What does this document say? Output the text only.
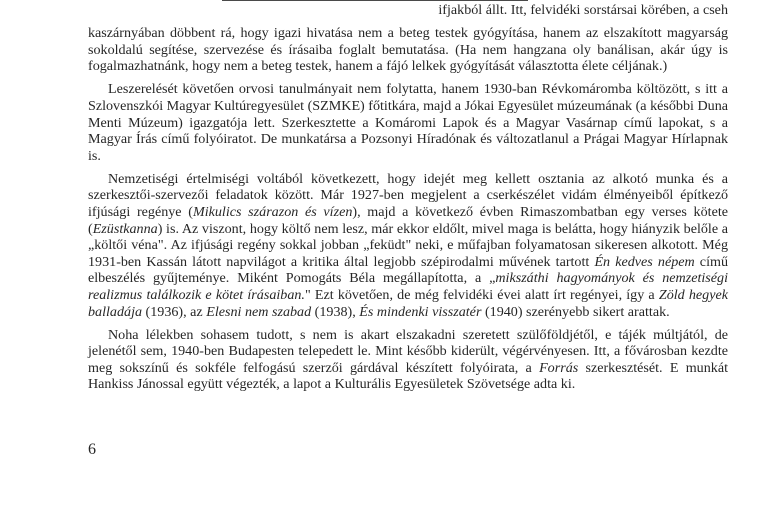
ifjakból állt. Itt, felvidéki sorstársai körében, a cseh

kaszárnyában döbbent rá, hogy igazi hivatása nem a beteg testek gyógyítása, hanem az elszakított magyarság sokoldalú segítése, szervezése és írásaiba foglalt bemutatása. (Ha nem hangzana oly banálisan, akár úgy is fogalmazhatnánk, hogy nem a beteg testek, hanem a fájó lelkek gyógyítását választotta élete céljának.)

Leszerelését követően orvosi tanulmányait nem folytatta, hanem 1930-ban Révkomáromba költözött, s itt a Szlovenszkói Magyar Kultúregyesület (SZMKE) főtitkára, majd a Jókai Egyesület múzeumának (a későbbi Duna Menti Múzeum) igazgatója lett. Szerkesztette a Komáromi Lapok és a Magyar Vasárnap című lapokat, s a Magyar Írás című folyóiratot. De munkatársa a Pozsonyi Híradónak és változatlanul a Prágai Magyar Hírlapnak is.

Nemzetiségi értelmiségi voltából következett, hogy idejét meg kellett osztania az alkotó munka és a szerkesztői-szervezői feladatok között. Már 1927-ben megjelent a cserkészélet vidám élményeiből építkező ifjúsági regénye (Mikulics szárazon és vízen), majd a következő évben Rimaszombatban egy verses kötete (Ezüstkanna) is. Az viszont, hogy költő nem lesz, már ekkor eldőlt, mivel maga is belátta, hogy hiányzik belőle a „költői véna". Az ifjúsági regény sokkal jobban „feküdt" neki, e műfajban folyamatosan sikeresen alkotott. Még 1931-ben Kassán látott napvilágot a kritika által legjobb szépirodalmi művének tartott Én kedves népem című elbeszélés gyűjteménye. Miként Pomogáts Béla megállapította, a „mikszáthi hagyományok és nemzetiségi realizmus találkozik e kötet írásaiban." Ezt követően, de még felvidéki évei alatt írt regényei, így a Zöld hegyek balladája (1936), az Elesni nem szabad (1938), És mindenki visszatér (1940) szerényebb sikert arattak.

Noha lélekben sohasem tudott, s nem is akart elszakadni szeretett szülőföldjétől, e tájék múltjától, de jelenétől sem, 1940-ben Budapesten telepedett le. Mint később kiderült, végérvényesen. Itt, a fővárosban kezdte meg sokszínű és sokféle felfogású szerzői gárdával készített folyóirata, a Forrás szerkesztését. E munkát Hankiss Jánossal együtt végezték, a lapot a Kulturális Egyesületek Szövetsége adta ki.

6
